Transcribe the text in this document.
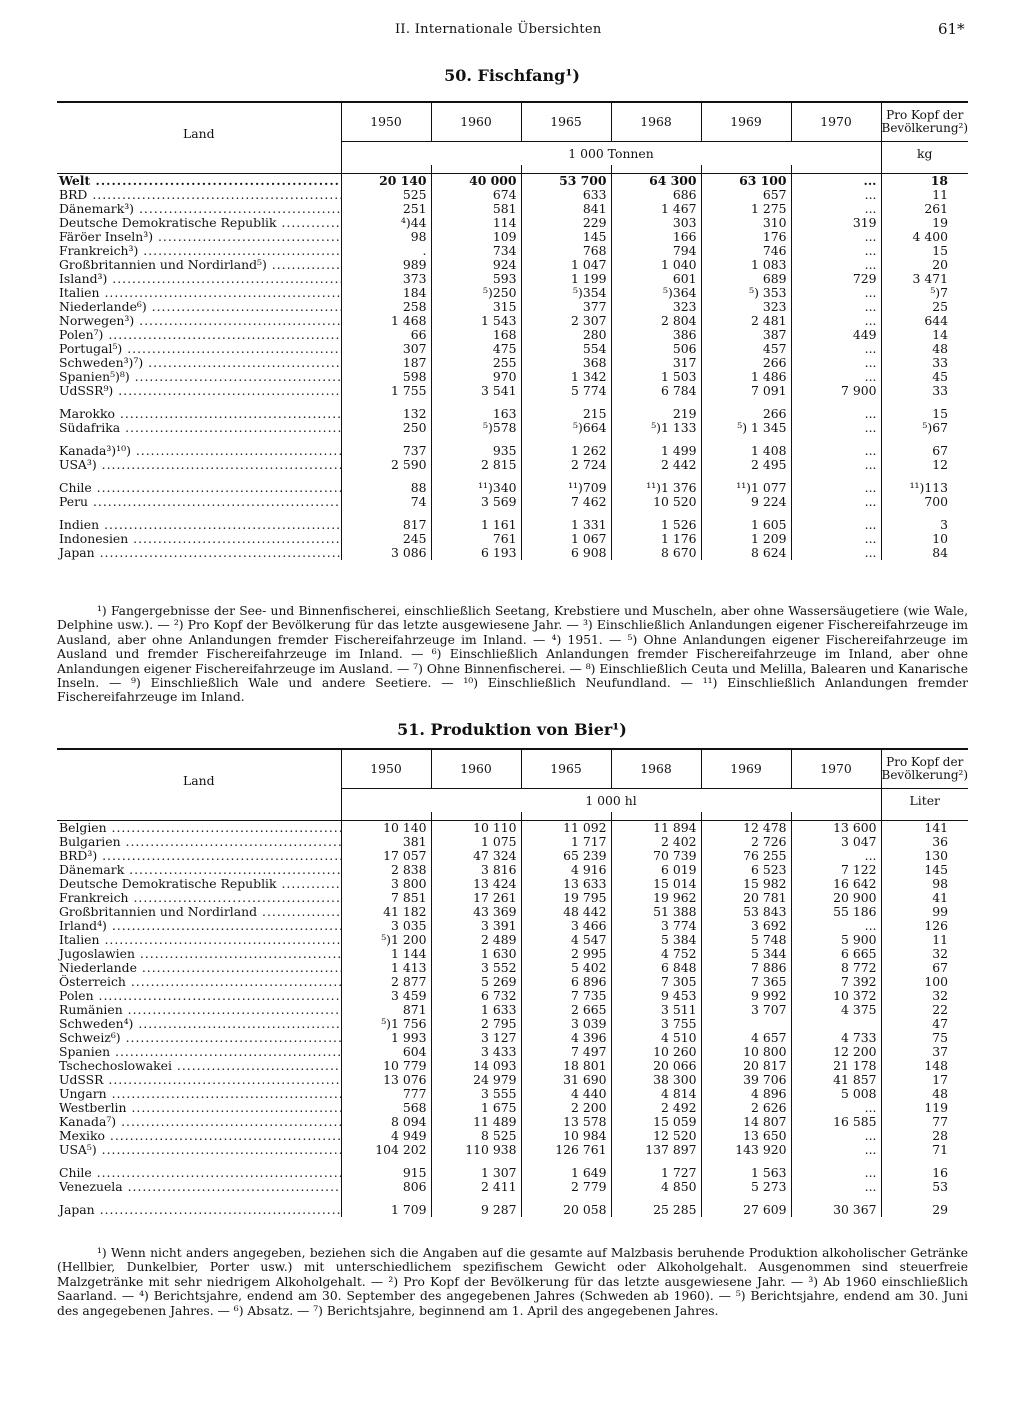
II. Internationale Übersichten	61*
50. Fischfang¹)
Land	1950	1960	1965	1968	1969	1970	Pro Kopf der Bevölkerung²)
	1 000 Tonnen						kg

Welt .....	20 140	40 000	53 700	64 300	63 100	...	18
BRD .....	525	674	633	686	657	...	11
Dänemark³) .....	251	581	841	1 467	1 275	...	261
Deutsche Demokratische Republik .....	⁴)44	114	229	303	310	319	19
Färöer Inseln³) .....	98	109	145	166	176	...	4 400
Frankreich³) .....	.	734	768	794	746	...	15
Großbritannien und Nordirland⁵) .....	989	924	1 047	1 040	1 083	...	20
Island³) .....	373	593	1 199	601	689	729	3 471
Italien .....	184	⁵)250	⁵)354	⁵)364	⁵) 353	...	⁵)7
Niederlande⁶) .....	258	315	377	323	323	...	25
Norwegen³) .....	1 468	1 543	2 307	2 804	2 481	...	644
Polen⁷) .....	66	168	280	386	387	449	14
Portugal⁵) .....	307	475	554	506	457	...	48
Schweden³)⁷) .....	187	255	368	317	266	...	33
Spanien⁵)⁸) .....	598	970	1 342	1 503	1 486	...	45
UdSSR⁹) .....	1 755	3 541	5 774	6 784	7 091	7 900	33

Marokko .....	132	163	215	219	266	...	15
Südafrika .....	250	⁵)578	⁵)664	⁵)1 133	⁵) 1 345	...	⁵)67

Kanada³)¹⁰) .....	737	935	1 262	1 499	1 408	...	67
USA³) .....	2 590	2 815	2 724	2 442	2 495	...	12

Chile .....	88	¹¹)340	¹¹)709	¹¹)1 376	¹¹)1 077	...	¹¹)113
Peru .....	74	3 569	7 462	10 520	9 224	...	700

Indien .....	817	1 161	1 331	1 526	1 605	...	3
Indonesien .....	245	761	1 067	1 176	1 209	...	10
Japan .....	3 086	6 193	6 908	8 670	8 624	...	84

¹) Fangergebnisse der See- und Binnenfischerei, einschließlich Seetang, Krebstiere und Muscheln, aber ohne Wassersäugetiere (wie Wale, Delphine usw.). — ²) Pro Kopf der Bevölkerung für das letzte ausgewiesene Jahr. — ³) Einschließlich Anlandungen eigener Fischereifahrzeuge im Ausland, aber ohne Anlandungen fremder Fischereifahrzeuge im Inland. — ⁴) 1951. — ⁵) Ohne Anlandungen eigener Fischereifahrzeuge im Ausland und fremder Fischereifahrzeuge im Inland. — ⁶) Einschließlich Anlandungen fremder Fischereifahrzeuge im Inland, aber ohne Anlandungen eigener Fischereifahrzeuge im Ausland. — ⁷) Ohne Binnenfischerei. — ⁸) Einschließlich Ceuta und Melilla, Balearen und Kanarische Inseln. — ⁹) Einschließlich Wale und andere Seetiere. — ¹⁰) Einschließlich Neufundland. — ¹¹) Einschließlich Anlandungen fremder Fischereifahrzeuge im Inland.

51. Produktion von Bier¹)
Land	1950	1960	1965	1968	1969	1970	Pro Kopf der Bevölkerung²)
	1 000 hl						Liter

Belgien .....	10 140	10 110	11 092	11 894	12 478	13 600	141
Bulgarien .....	381	1 075	1 717	2 402	2 726	3 047	36
BRD³) .....	17 057	47 324	65 239	70 739	76 255	...	130
Dänemark .....	2 838	3 816	4 916	6 019	6 523	7 122	145
Deutsche Demokratische Republik .....	3 800	13 424	13 633	15 014	15 982	16 642	98
Frankreich .....	7 851	17 261	19 795	19 962	20 781	20 900	41
Großbritannien und Nordirland .....	41 182	43 369	48 442	51 388	53 843	55 186	99
Irland⁴) .....	3 035	3 391	3 466	3 774	3 692	...	126
Italien .....	⁵)1 200	2 489	4 547	5 384	5 748	5 900	11
Jugoslawien .....	1 144	1 630	2 995	4 752	5 344	6 665	32
Niederlande .....	1 413	3 552	5 402	6 848	7 886	8 772	67
Österreich .....	2 877	5 269	6 896	7 305	7 365	7 392	100
Polen .....	3 459	6 732	7 735	9 453	9 992	10 372	32
Rumänien .....	871	1 633	2 665	3 511	3 707	4 375	22
Schweden⁴) .....	⁵)1 756	2 795	3 039	3 755			47
Schweiz⁶) .....	1 993	3 127	4 396	4 510	4 657	4 733	75
Spanien .....	604	3 433	7 497	10 260	10 800	12 200	37
Tschechoslowakei .....	10 779	14 093	18 801	20 066	20 817	21 178	148
UdSSR .....	13 076	24 979	31 690	38 300	39 706	41 857	17
Ungarn .....	777	3 555	4 440	4 814	4 896	5 008	48
Westberlin .....	568	1 675	2 200	2 492	2 626	...	119
Kanada⁷) .....	8 094	11 489	13 578	15 059	14 807	16 585	77
Mexiko .....	4 949	8 525	10 984	12 520	13 650	...	28
USA⁵) .....	104 202	110 938	126 761	137 897	143 920	...	71

Chile .....	915	1 307	1 649	1 727	1 563	...	16
Venezuela .....	806	2 411	2 779	4 850	5 273	...	53

Japan .....	1 709	9 287	20 058	25 285	27 609	30 367	29

¹) Wenn nicht anders angegeben, beziehen sich die Angaben auf die gesamte auf Malzbasis beruhende Produktion alkoholischer Getränke (Hellbier, Dunkelbier, Porter usw.) mit unterschiedlichem spezifischem Gewicht oder Alkoholgehalt. Ausgenommen sind steuerfreie Malzgetränke mit sehr niedrigem Alkoholgehalt. — ²) Pro Kopf der Bevölkerung für das letzte ausgewiesene Jahr. — ³) Ab 1960 einschließlich Saarland. — ⁴) Berichtsjahre, endend am 30. September des angegebenen Jahres (Schweden ab 1960). — ⁵) Berichtsjahre, endend am 30. Juni des angegebenen Jahres. — ⁶) Absatz. — ⁷) Berichtsjahre, beginnend am 1. April des angegebenen Jahres.
